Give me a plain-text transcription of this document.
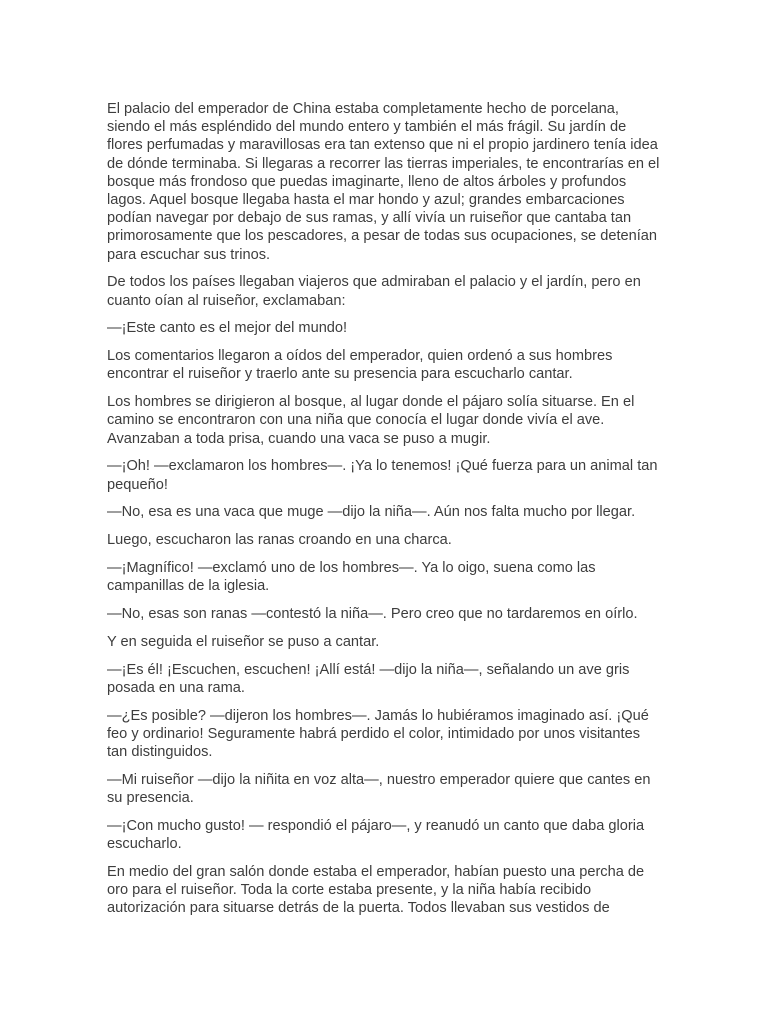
El palacio del emperador de China estaba completamente hecho de porcelana, siendo el más espléndido del mundo entero y también el más frágil. Su jardín de flores perfumadas y maravillosas era tan extenso que ni el propio jardinero tenía idea de dónde terminaba. Si llegaras a recorrer las tierras imperiales, te encontrarías en el bosque más frondoso que puedas imaginarte, lleno de altos árboles y profundos lagos. Aquel bosque llegaba hasta el mar hondo y azul; grandes embarcaciones podían navegar por debajo de sus ramas, y allí vivía un ruiseñor que cantaba tan primorosamente que los pescadores, a pesar de todas sus ocupaciones, se detenían para escuchar sus trinos.

De todos los países llegaban viajeros que admiraban el palacio y el jardín, pero en cuanto oían al ruiseñor, exclamaban:

—¡Este canto es el mejor del mundo!

Los comentarios llegaron a oídos del emperador, quien ordenó a sus hombres encontrar el ruiseñor y traerlo ante su presencia para escucharlo cantar.

Los hombres se dirigieron al bosque, al lugar donde el pájaro solía situarse. En el camino se encontraron con una niña que conocía el lugar donde vivía el ave. Avanzaban a toda prisa, cuando una vaca se puso a mugir.

—¡Oh! —exclamaron los hombres—. ¡Ya lo tenemos! ¡Qué fuerza para un animal tan pequeño!

—No, esa es una vaca que muge —dijo la niña—. Aún nos falta mucho por llegar.

Luego, escucharon las ranas croando en una charca.

—¡Magnífico! —exclamó uno de los hombres—. Ya lo oigo, suena como las campanillas de la iglesia.

—No, esas son ranas —contestó la niña—. Pero creo que no tardaremos en oírlo.

Y en seguida el ruiseñor se puso a cantar.

—¡Es él! ¡Escuchen, escuchen! ¡Allí está! —dijo la niña—, señalando un ave gris posada en una rama.

—¿Es posible? —dijeron los hombres—. Jamás lo hubiéramos imaginado así. ¡Qué feo y ordinario! Seguramente habrá perdido el color, intimidado por unos visitantes tan distinguidos.

—Mi ruiseñor —dijo la niñita en voz alta—, nuestro emperador quiere que cantes en su presencia.

—¡Con mucho gusto! — respondió el pájaro—, y reanudó un canto que daba gloria escucharlo.

En medio del gran salón donde estaba el emperador, habían puesto una percha de oro para el ruiseñor. Toda la corte estaba presente, y la niña había recibido autorización para situarse detrás de la puerta. Todos llevaban sus vestidos de
